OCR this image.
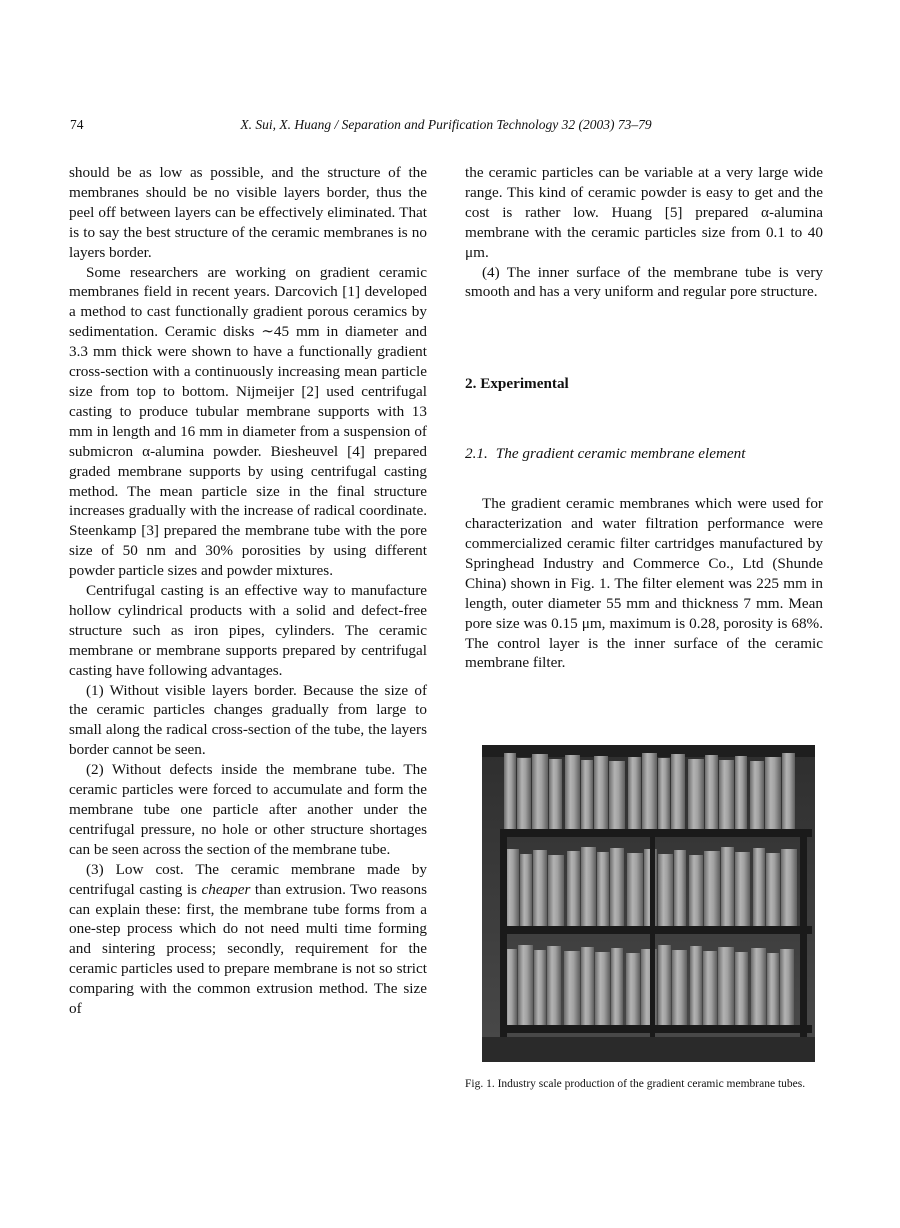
74	X. Sui, X. Huang / Separation and Purification Technology 32 (2003) 73–79

should be as low as possible, and the structure of the membranes should be no visible layers border, thus the peel off between layers can be effectively eliminated. That is to say the best structure of the ceramic membranes is no layers border.

Some researchers are working on gradient ceramic membranes field in recent years. Darcovich [1] developed a method to cast functionally gradient porous ceramics by sedimentation. Ceramic disks ∼45 mm in diameter and 3.3 mm thick were shown to have a functionally gradient cross-section with a continuously increasing mean particle size from top to bottom. Nijmeijer [2] used centrifugal casting to produce tubular membrane supports with 13 mm in length and 16 mm in diameter from a suspension of submicron α-alumina powder. Biesheuvel [4] prepared graded membrane supports by using centrifugal casting method. The mean particle size in the final structure increases gradually with the increase of radical coordinate. Steenkamp [3] prepared the membrane tube with the pore size of 50 nm and 30% porosities by using different powder particle sizes and powder mixtures.

Centrifugal casting is an effective way to manufacture hollow cylindrical products with a solid and defect-free structure such as iron pipes, cylinders. The ceramic membrane or membrane supports prepared by centrifugal casting have following advantages.

(1) Without visible layers border. Because the size of the ceramic particles changes gradually from large to small along the radical cross-section of the tube, the layers border cannot be seen.

(2) Without defects inside the membrane tube. The ceramic particles were forced to accumulate and form the membrane tube one particle after another under the centrifugal pressure, no hole or other structure shortages can be seen across the section of the membrane tube.

(3) Low cost. The ceramic membrane made by centrifugal casting is cheaper than extrusion. Two reasons can explain these: first, the membrane tube forms from a one-step process which do not need multi time forming and sintering process; secondly, requirement for the ceramic particles used to prepare membrane is not so strict comparing with the common extrusion method. The size of

the ceramic particles can be variable at a very large wide range. This kind of ceramic powder is easy to get and the cost is rather low. Huang [5] prepared α-alumina membrane with the ceramic particles size from 0.1 to 40 μm.

(4) The inner surface of the membrane tube is very smooth and has a very uniform and regular pore structure.

2. Experimental
2.1. The gradient ceramic membrane element

The gradient ceramic membranes which were used for characterization and water filtration performance were commercialized ceramic filter cartridges manufactured by Springhead Industry and Commerce Co., Ltd (Shunde China) shown in Fig. 1. The filter element was 225 mm in length, outer diameter 55 mm and thickness 7 mm. Mean pore size was 0.15 μm, maximum is 0.28, porosity is 68%. The control layer is the inner surface of the ceramic membrane filter.

Fig. 1. Industry scale production of the gradient ceramic membrane tubes.
